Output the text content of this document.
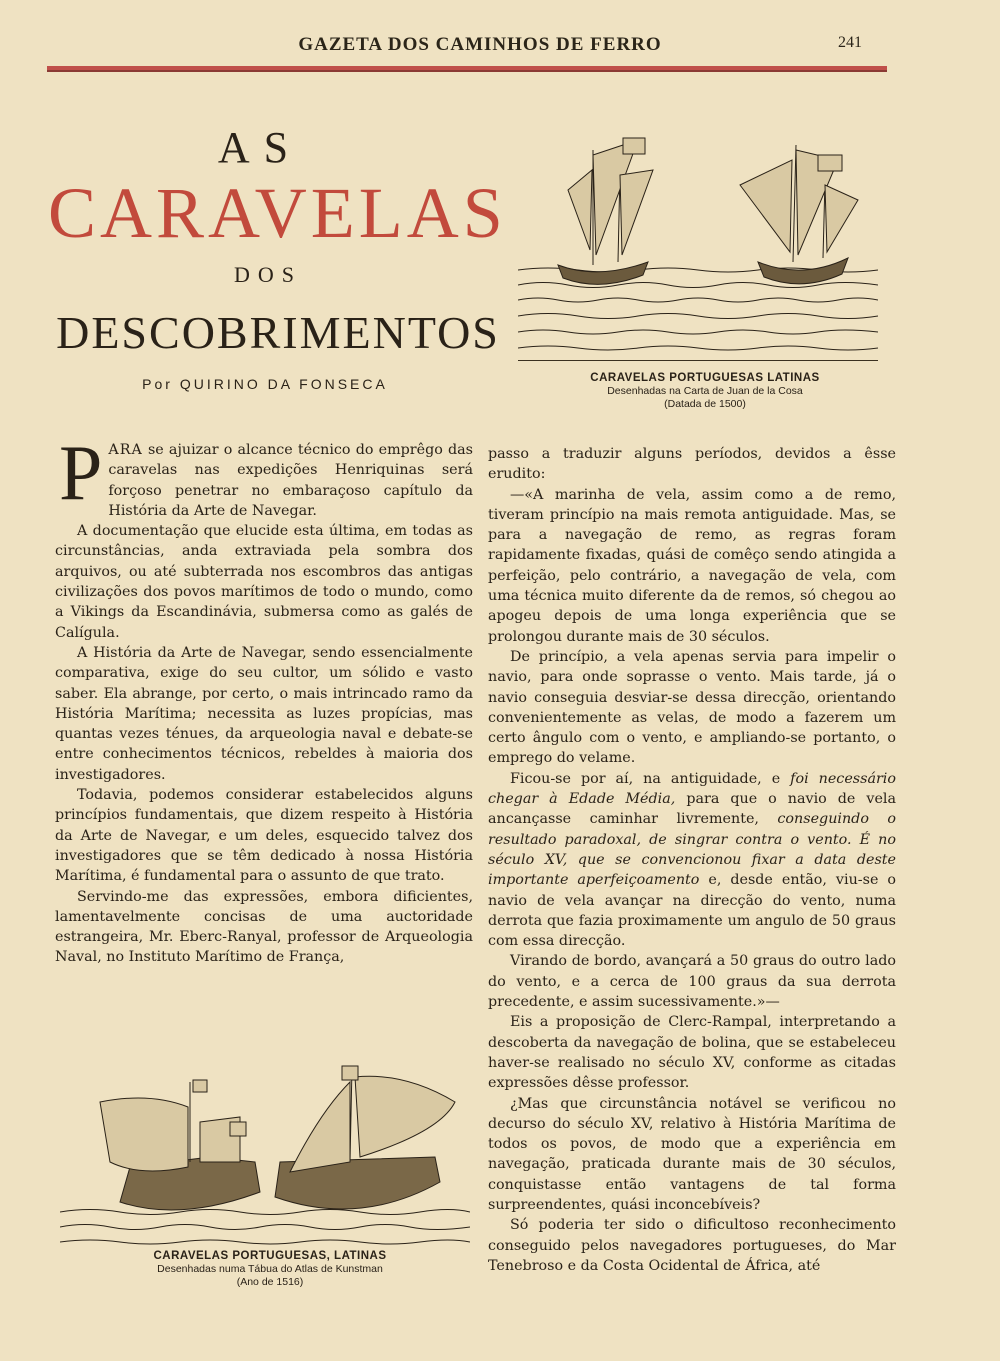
GAZETA DOS CAMINHOS DE FERRO	241
AS
CARAVELAS
DOS
DESCOBRIMENTOS
Por QUIRINO DA FONSECA	CARAVELAS PORTUGUESAS LATINAS
Desenhadas na Carta de Juan de la Cosa
(Datada de 1500)

PARA se ajuizar o alcance técnico do emprêgo das caravelas nas expedições Henriquinas será forçoso penetrar no embaraçoso capítulo da História da Arte de Navegar.

A documentação que elucide esta última, em todas as circunstâncias, anda extraviada pela sombra dos arquivos, ou até subterrada nos escombros das antigas civilizações dos povos marítimos de todo o mundo, como a Vikings da Escandinávia, submersa como as galés de Calígula.

A História da Arte de Navegar, sendo essencialmente comparativa, exige do seu cultor, um sólido e vasto saber. Ela abrange, por certo, o mais intrincado ramo da História Marítima; necessita as luzes propícias, mas quantas vezes ténues, da arqueologia naval e debate-se entre conhecimentos técnicos, rebeldes à maioria dos investigadores.

Todavia, podemos considerar estabelecidos alguns princípios fundamentais, que dizem respeito à História da Arte de Navegar, e um deles, esquecido talvez dos investigadores que se têm dedicado à nossa História Marítima, é fundamental para o assunto de que trato.

Servindo-me das expressões, embora dificientes, lamentavelmente concisas de uma auctoridade estrangeira, Mr. Eberc-Ranyal, professor de Arqueologia Naval, no Instituto Marítimo de França,

CARAVELAS PORTUGUESAS, LATINAS
Desenhadas numa Tábua do Atlas de Kunstman
(Ano de 1516)

passo a traduzir alguns períodos, devidos a êsse erudito:

—«A marinha de vela, assim como a de remo, tiveram princípio na mais remota antiguidade. Mas, se para a navegação de remo, as regras foram rapidamente fixadas, quási de comêço sendo atingida a perfeição, pelo contrário, a navegação de vela, com uma técnica muito diferente da de remos, só chegou ao apogeu depois de uma longa experiência que se prolongou durante mais de 30 séculos.

De princípio, a vela apenas servia para impelir o navio, para onde soprasse o vento. Mais tarde, já o navio conseguia desviar-se dessa direcção, orientando convenientemente as velas, de modo a fazerem um certo ângulo com o vento, e ampliando-se portanto, o emprego do velame.

Ficou-se por aí, na antiguidade, e foi necessário chegar à Edade Média, para que o navio de vela ancançasse caminhar livremente, conseguindo o resultado paradoxal, de singrar contra o vento. É no século XV, que se convencionou fixar a data deste importante aperfeiçoamento e, desde então, viu-se o navio de vela avançar na direcção do vento, numa derrota que fazia proximamente um angulo de 50 graus com essa direcção.

Virando de bordo, avançará a 50 graus do outro lado do vento, e a cerca de 100 graus da sua derrota precedente, e assim sucessivamente.»—

Eis a proposição de Clerc-Rampal, interpretando a descoberta da navegação de bolina, que se estabeleceu haver-se realisado no século XV, conforme as citadas expressões dêsse professor.

¿Mas que circunstância notável se verificou no decurso do século XV, relativo à História Marítima de todos os povos, de modo que a experiência em navegação, praticada durante mais de 30 séculos, conquistasse então vantagens de tal forma surpreendentes, quási inconcebíveis?

Só poderia ter sido o dificultoso reconhecimento conseguido pelos navegadores portugueses, do Mar Tenebroso e da Costa Ocidental de África, até
